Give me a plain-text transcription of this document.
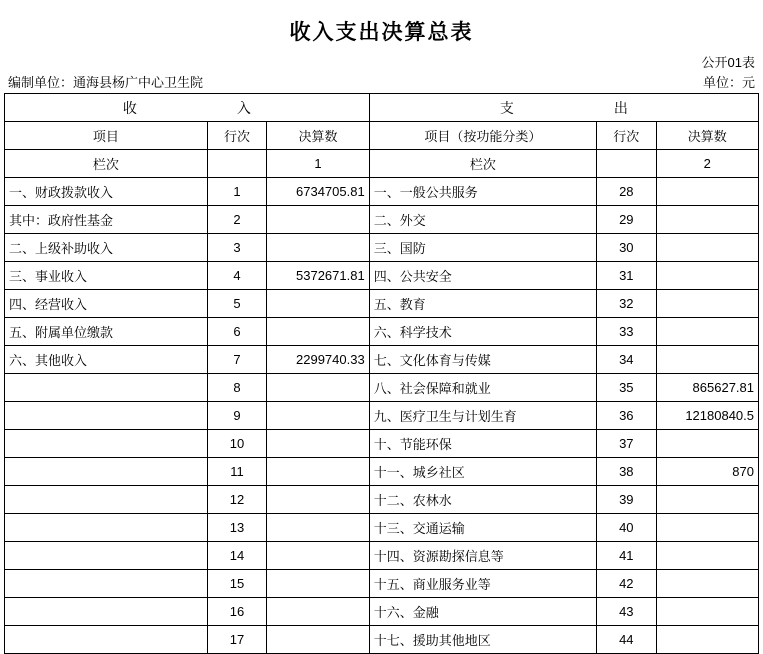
收入支出决算总表
公开01表
编制单位：通海县杨广中心卫生院	单位：元
收　　入			支　　出		
项目	行次	决算数	项目（按功能分类）	行次	决算数
栏次		1	栏次		2
一、财政拨款收入	1	6734705.81	一、一般公共服务	28	
其中：政府性基金	2		二、外交	29	
二、上级补助收入	3		三、国防	30	
三、事业收入	4	5372671.81	四、公共安全	31	
四、经营收入	5		五、教育	32	
五、附属单位缴款	6		六、科学技术	33	
六、其他收入	7	2299740.33	七、文化体育与传媒	34	
	8		八、社会保障和就业	35	865627.81
	9		九、医疗卫生与计划生育	36	12180840.5
	10		十、节能环保	37	
	11		十一、城乡社区	38	870
	12		十二、农林水	39	
	13		十三、交通运输	40	
	14		十四、资源勘探信息等	41	
	15		十五、商业服务业等	42	
	16		十六、金融	43	
	17		十七、援助其他地区	44	
